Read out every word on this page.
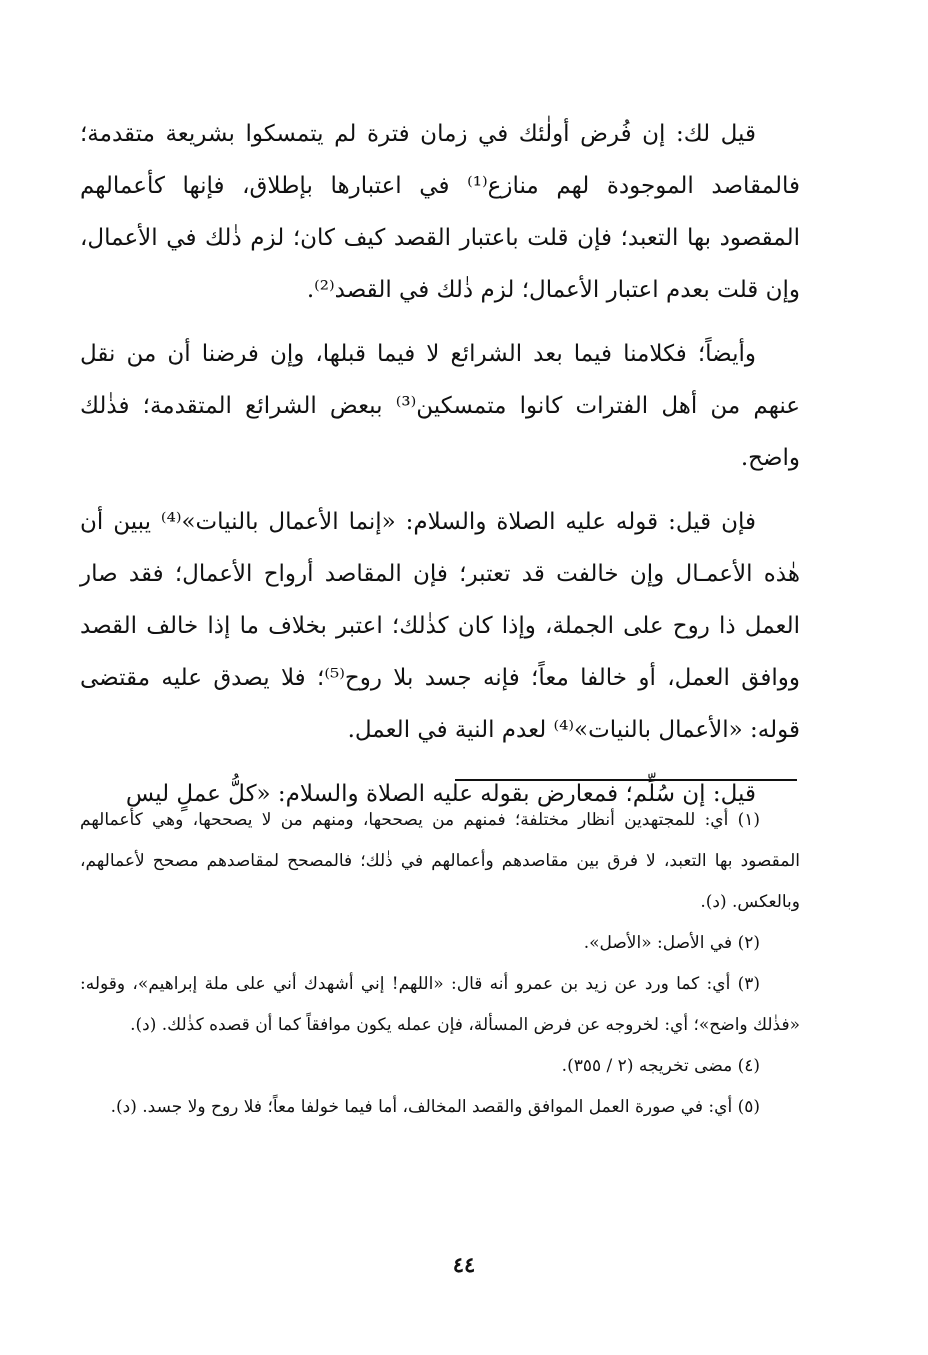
قيل لك: إن فُرض أولٰئك في زمان فترة لم يتمسكوا بشريعة متقدمة؛ فالمقاصد الموجودة لهم منازع⁽¹⁾ في اعتبارها بإطلاق، فإنها كأعمالهم المقصود بها التعبد؛ فإن قلت باعتبار القصد كيف كان؛ لزم ذٰلك في الأعمال، وإن قلت بعدم اعتبار الأعمال؛ لزم ذٰلك في القصد⁽²⁾.

وأيضاً؛ فكلامنا فيما بعد الشرائع لا فيما قبلها، وإن فرضنا أن من نقل عنهم من أهل الفترات كانوا متمسكين⁽³⁾ ببعض الشرائع المتقدمة؛ فذٰلك واضح.

فإن قيل: قوله عليه الصلاة والسلام: «إنما الأعمال بالنيات»⁽⁴⁾ يبين أن هٰذه الأعمـال وإن خالفت قد تعتبر؛ فإن المقاصد أرواح الأعمال؛ فقد صار العمل ذا روح على الجملة، وإذا كان كذٰلك؛ اعتبر بخلاف ما إذا خالف القصد ووافق العمل، أو خالفا معاً؛ فإنه جسد بلا روح⁽⁵⁾؛ فلا يصدق عليه مقتضى قوله: «الأعمال بالنيات»⁽⁴⁾ لعدم النية في العمل.

قيل: إن سُلِّم؛ فمعارض بقوله عليه الصلاة والسلام: «كلُّ عملٍ ليس

(١) أي: للمجتهدين أنظار مختلفة؛ فمنهم من يصححها، ومنهم من لا يصححها، وهي كأعمالهم المقصود بها التعبد، لا فرق بين مقاصدهم وأعمالهم في ذٰلك؛ فالمصحح لمقاصدهم مصحح لأعمالهم، وبالعكس. (د).

(٢) في الأصل: «الأصل».

(٣) أي: كما ورد عن زيد بن عمرو أنه قال: «اللهم! إني أشهدك أني على ملة إبراهيم»، وقوله: «فذٰلك واضح»؛ أي: لخروجه عن فرض المسألة، فإن عمله يكون موافقاً كما أن قصده كذٰلك. (د).

(٤) مضى تخريجه (٢ / ٣٥٥).

(٥) أي: في صورة العمل الموافق والقصد المخالف، أما فيما خولفا معاً؛ فلا روح ولا جسد. (د).

٤٤
